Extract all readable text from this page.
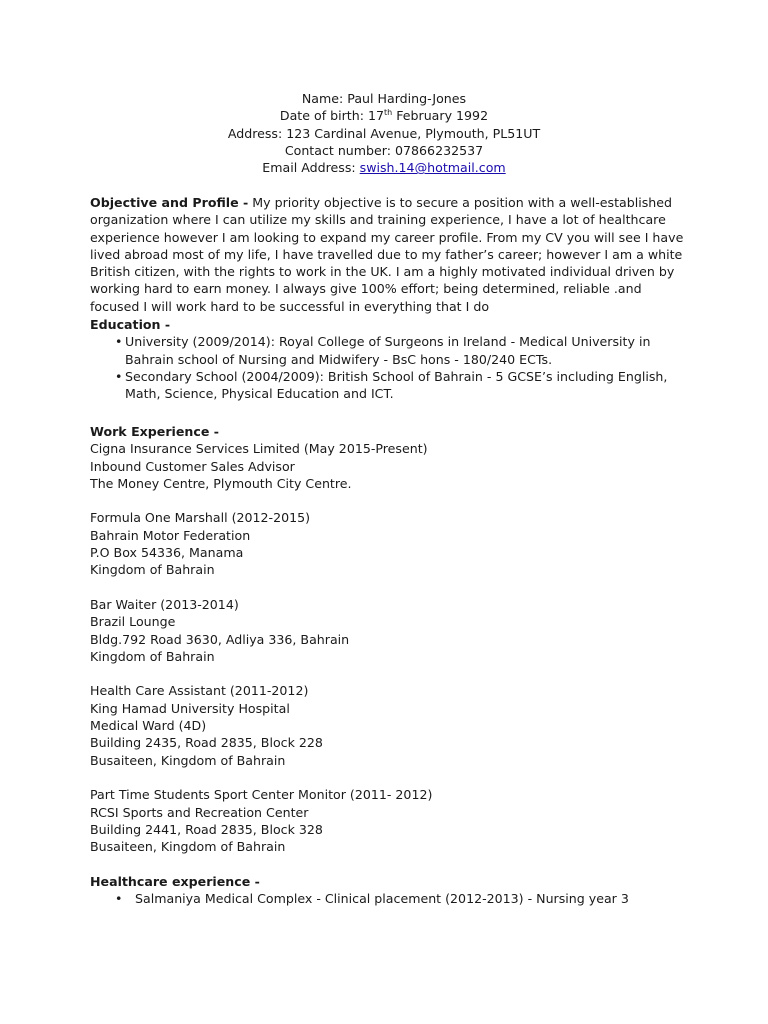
Name: Paul Harding-Jones
Date of birth: 17th February 1992
Address: 123 Cardinal Avenue, Plymouth, PL51UT
Contact number: 07866232537
Email Address: swish.14@hotmail.com
Objective and Profile - My priority objective is to secure a position with a well-established organization where I can utilize my skills and training experience, I have a lot of healthcare experience however I am looking to expand my career profile. From my CV you will see I have lived abroad most of my life, I have travelled due to my father’s career; however I am a white British citizen, with the rights to work in the UK. I am a highly motivated individual driven by working hard to earn money. I always give 100% effort; being determined, reliable .and focused I will work hard to be successful in everything that I do
Education -
• University (2009/2014): Royal College of Surgeons in Ireland - Medical University in Bahrain school of Nursing and Midwifery - BsC hons - 180/240 ECTs.
• Secondary School (2004/2009): British School of Bahrain - 5 GCSE’s including English, Math, Science, Physical Education and ICT.
Work Experience -
Cigna Insurance Services Limited (May 2015-Present)
Inbound Customer Sales Advisor
The Money Centre, Plymouth City Centre.
Formula One Marshall (2012-2015)
Bahrain Motor Federation
P.O Box 54336, Manama
Kingdom of Bahrain
Bar Waiter (2013-2014)
Brazil Lounge
Bldg.792 Road 3630, Adliya 336, Bahrain
Kingdom of Bahrain
Health Care Assistant (2011-2012)
King Hamad University Hospital
Medical Ward (4D)
Building 2435, Road 2835, Block 228
Busaiteen, Kingdom of Bahrain
Part Time Students Sport Center Monitor (2011- 2012)
RCSI Sports and Recreation Center
Building 2441, Road 2835, Block 328
Busaiteen, Kingdom of Bahrain
Healthcare experience -
• Salmaniya Medical Complex - Clinical placement (2012-2013) - Nursing year 3
